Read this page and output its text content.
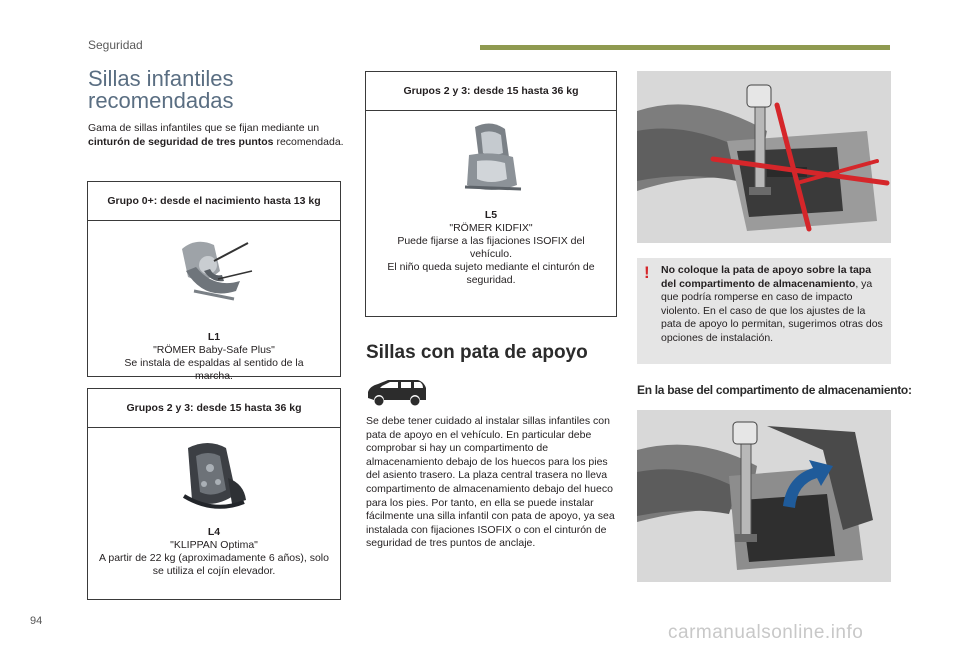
Seguridad
Sillas infantiles
recomendadas
Gama de sillas infantiles que se fijan mediante un cinturón de seguridad de tres puntos recomendada.
Grupo 0+: desde el nacimiento hasta 13 kg
L1
"RÖMER Baby-Safe Plus"
Se instala de espaldas al sentido de la marcha.
Grupos 2 y 3: desde 15 hasta 36 kg
L4
"KLIPPAN Optima"
A partir de 22 kg (aproximadamente 6 años), solo se utiliza el cojín elevador.
Grupos 2 y 3: desde 15 hasta 36 kg
L5
"RÖMER KIDFIX"
Puede fijarse a las fijaciones ISOFIX del vehículo.
El niño queda sujeto mediante el cinturón de seguridad.
Sillas con pata de apoyo
Se debe tener cuidado al instalar sillas infantiles con pata de apoyo en el vehículo. En particular debe comprobar si hay un compartimento de almacenamiento debajo de los huecos para los pies del asiento trasero. La plaza central trasera no lleva compartimento de almacenamiento debajo del hueco para los pies. Por tanto, en ella se puede instalar fácilmente una silla infantil con pata de apoyo, ya sea instalada con fijaciones ISOFIX o con el cinturón de seguridad de tres puntos de anclaje.
! No coloque la pata de apoyo sobre la tapa del compartimento de almacenamiento, ya que podría romperse en caso de impacto violento. En el caso de que los ajustes de la pata de apoyo lo permitan, sugerimos otras dos opciones de instalación.
En la base del compartimento de almacenamiento:
94
carmanualsonline.info
